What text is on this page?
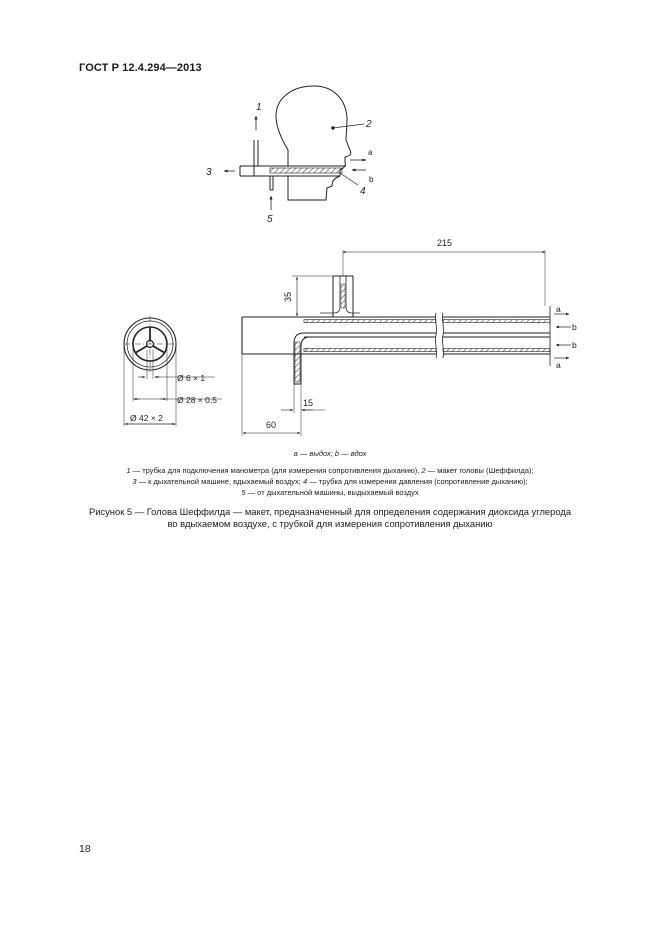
ГОСТ Р 12.4.294—2013
1
2
3
4
5
a
b
Ø 6 × 1
Ø 28 × 0,5
Ø 42 × 2
215
35
15
60
a
b
b
a
а — выдох; b — вдох
1 — трубка для подключения манометра (для измерения сопротивления дыханию), 2 — макет головы (Шеффилда);
3 — к дыхательной машине, вдыхаемый воздух; 4 — трубка для измерения давления (сопротивление дыханию);
5 — от дыхательной машины, выдыхаемый воздух
Рисунок 5 — Голова Шеффилда — макет, предназначенный для определения содержания диоксида углерода
во вдыхаемом воздухе, с трубкой для измерения сопротивления дыханию
18
